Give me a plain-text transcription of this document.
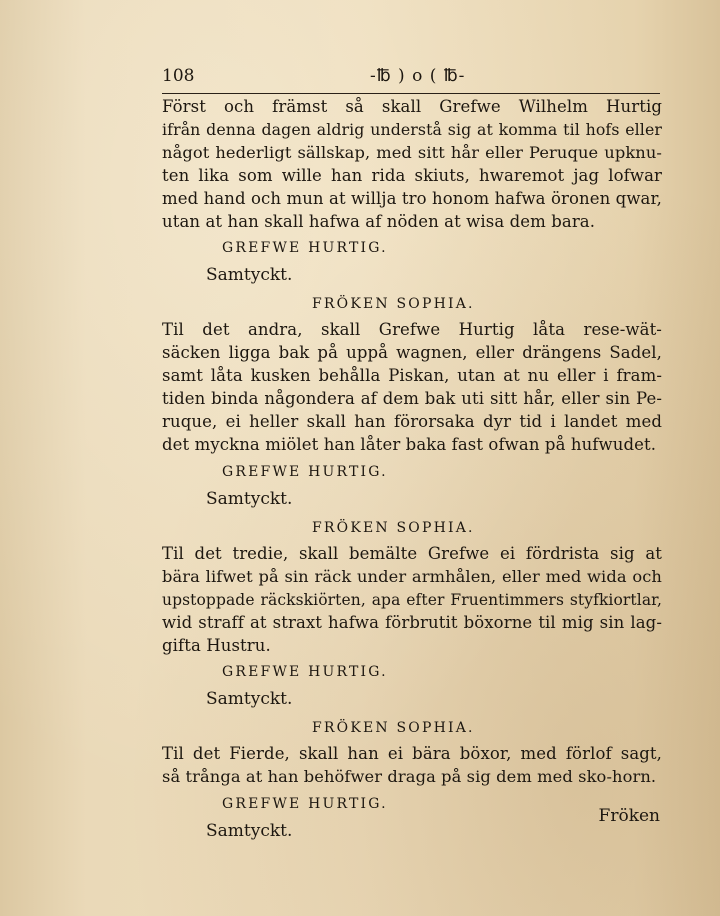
108	-℔ ) o ( ℔-
Först och främst så skall Grefwe Wilhelm Hurtig
ifrån denna dagen aldrig understå sig at komma til hofs eller
något hederligt sällskap, med sitt hår eller Peruque upknu-
ten lika som wille han rida skiuts, hwaremot jag lofwar
med hand och mun at willja tro honom hafwa öronen qwar,
utan at han skall hafwa af nöden at wisa dem bara.
GREFWE HURTIG.
Samtyckt.
FRÖKEN SOPHIA.
Til det andra, skall Grefwe Hurtig låta rese-wät-
säcken ligga bak på uppå wagnen, eller drängens Sadel,
samt låta kusken behålla Piskan, utan at nu eller i fram-
tiden binda någondera af dem bak uti sitt hår, eller sin Pe-
ruque, ei heller skall han förorsaka dyr tid i landet med
det myckna miölet han låter baka fast ofwan på hufwudet.
GREFWE HURTIG.
Samtyckt.
FRÖKEN SOPHIA.
Til det tredie, skall bemälte Grefwe ei fördrista sig at
bära lifwet på sin räck under armhålen, eller med wida och
upstoppade räckskiörten, apa efter Fruentimmers styfkiortlar,
wid straff at straxt hafwa förbrutit böxorne til mig sin lag-
gifta Hustru.
GREFWE HURTIG.
Samtyckt.
FRÖKEN SOPHIA.
Til det Fierde, skall han ei bära böxor, med förlof sagt,
så trånga at han behöfwer draga på sig dem med sko-horn.
GREFWE HURTIG.
Samtyckt.
Fröken
